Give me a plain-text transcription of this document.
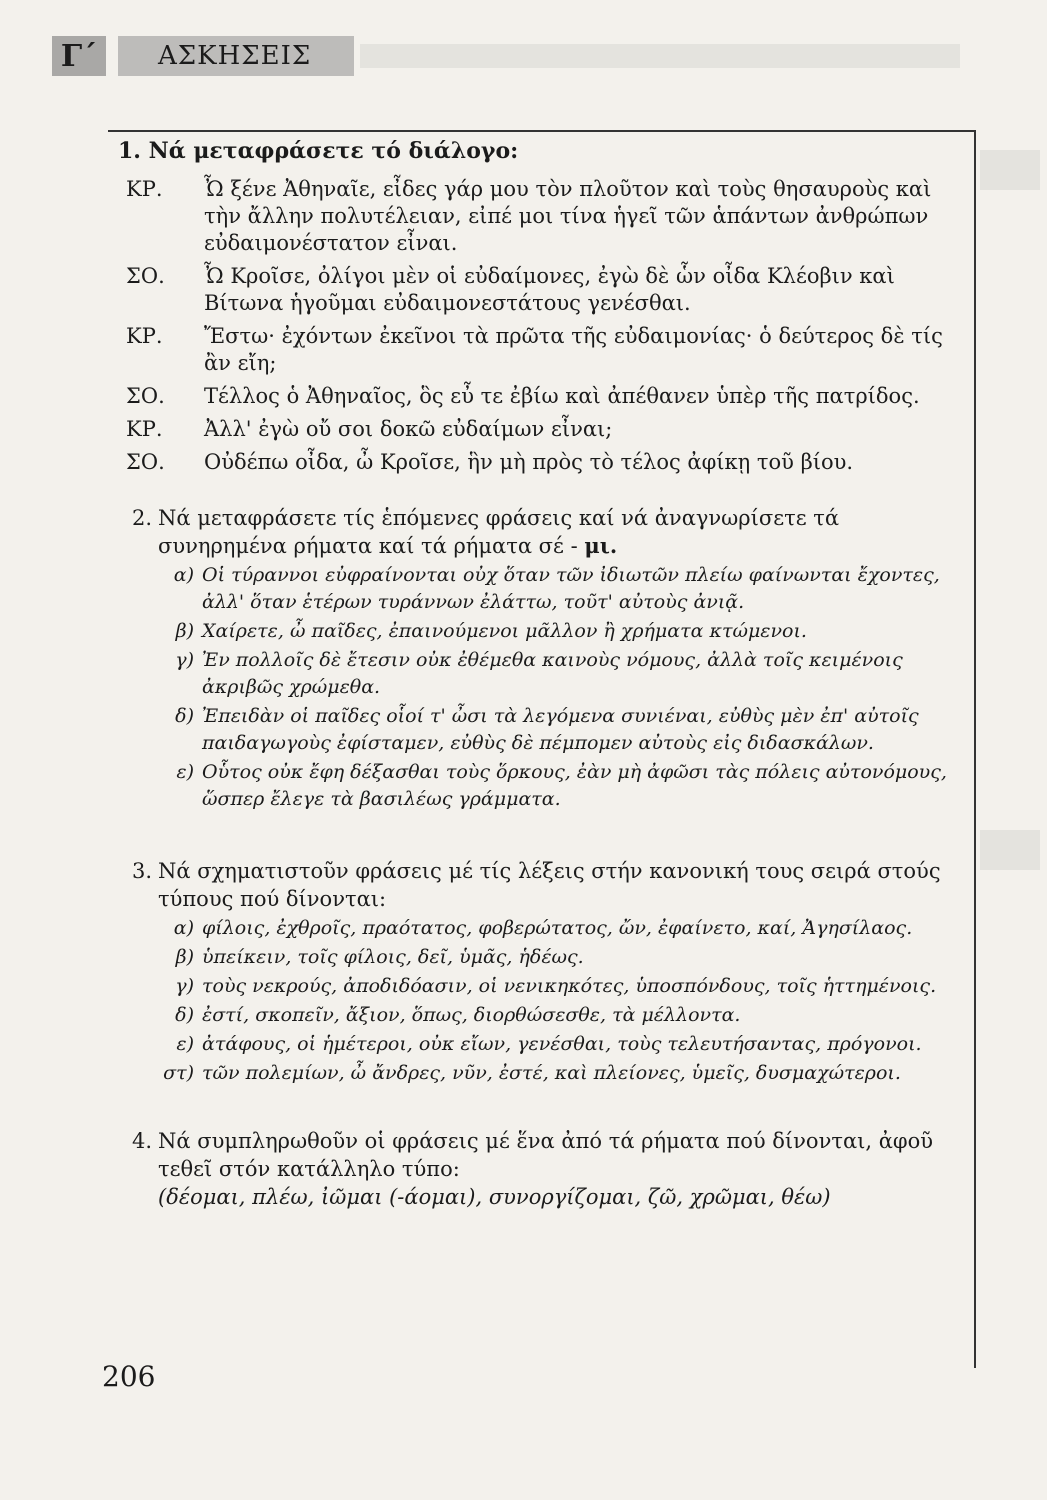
Γ΄	ΑΣΚΗΣΕΙΣ
1. Νά μεταφράσετε τό διάλογο:
ΚΡ.	Ὦ ξένε Ἀθηναῖε, εἶδες γάρ μου τὸν πλοῦτον καὶ τοὺς θησαυροὺς καὶ τὴν ἄλλην πολυτέλειαν, εἰπέ μοι τίνα ἡγεῖ τῶν ἁπάντων ἀνθρώπων εὐδαιμονέστατον εἶναι.
ΣΟ.	Ὦ Κροῖσε, ὀλίγοι μὲν οἱ εὐδαίμονες, ἐγὼ δὲ ὧν οἶδα Κλέοβιν καὶ Βίτωνα ἡγοῦμαι εὐδαιμονεστάτους γενέσθαι.
ΚΡ.	Ἔστω· ἐχόντων ἐκεῖνοι τὰ πρῶτα τῆς εὐδαιμονίας· ὁ δεύτερος δὲ τίς ἂν εἴη;
ΣΟ.	Τέλλος ὁ Ἀθηναῖος, ὃς εὖ τε ἐβίω καὶ ἀπέθανεν ὑπὲρ τῆς πατρίδος.
ΚΡ.	Ἀλλ' ἐγὼ οὔ σοι δοκῶ εὐδαίμων εἶναι;
ΣΟ.	Οὐδέπω οἶδα, ὦ Κροῖσε, ἣν μὴ πρὸς τὸ τέλος ἀφίκῃ τοῦ βίου.
2. Νά μεταφράσετε τίς ἑπόμενες φράσεις καί νά ἀναγνωρίσετε τά συνηρημένα ρήματα καί τά ρήματα σέ - μι.
α) Οἱ τύραννοι εὐφραίνονται οὐχ ὅταν τῶν ἰδιωτῶν πλείω φαίνωνται ἔχοντες, ἀλλ' ὅταν ἑτέρων τυράννων ἐλάττω, τοῦτ' αὐτοὺς ἀνιᾷ.
β) Χαίρετε, ὦ παῖδες, ἐπαινούμενοι μᾶλλον ἢ χρήματα κτώμενοι.
γ) Ἐν πολλοῖς δὲ ἔτεσιν οὐκ ἐθέμεθα καινοὺς νόμους, ἀλλὰ τοῖς κειμένοις ἀκριβῶς χρώμεθα.
δ) Ἐπειδὰν οἱ παῖδες οἷοί τ' ὦσι τὰ λεγόμενα συνιέναι, εὐθὺς μὲν ἐπ' αὐτοῖς παιδαγωγοὺς ἐφίσταμεν, εὐθὺς δὲ πέμπομεν αὐτοὺς εἰς διδασκάλων.
ε) Οὗτος οὐκ ἔφη δέξασθαι τοὺς ὅρκους, ἐὰν μὴ ἀφῶσι τὰς πόλεις αὐτονόμους, ὥσπερ ἔλεγε τὰ βασιλέως γράμματα.
3. Νά σχηματιστοῦν φράσεις μέ τίς λέξεις στήν κανονική τους σειρά στούς τύπους πού δίνονται:
α) φίλοις, ἐχθροῖς, πραότατος, φοβερώτατος, ὤν, ἐφαίνετο, καί, Ἀγησίλαος.
β) ὑπείκειν, τοῖς φίλοις, δεῖ, ὑμᾶς, ἡδέως.
γ) τοὺς νεκρούς, ἀποδιδόασιν, οἱ νενικηκότες, ὑποσπόνδους, τοῖς ἡττημένοις.
δ) ἐστί, σκοπεῖν, ἄξιον, ὅπως, διορθώσεσθε, τὰ μέλλοντα.
ε) ἀτάφους, οἱ ἡμέτεροι, οὐκ εἴων, γενέσθαι, τοὺς τελευτήσαντας, πρόγονοι.
στ) τῶν πολεμίων, ὦ ἄνδρες, νῦν, ἐστέ, καὶ πλείονες, ὑμεῖς, δυσμαχώτεροι.
4. Νά συμπληρωθοῦν οἱ φράσεις μέ ἕνα ἀπό τά ρήματα πού δίνονται, ἀφοῦ τεθεῖ στόν κατάλληλο τύπο:
(δέομαι, πλέω, ἰῶμαι (-άομαι), συνοργίζομαι, ζῶ, χρῶμαι, θέω)
206
